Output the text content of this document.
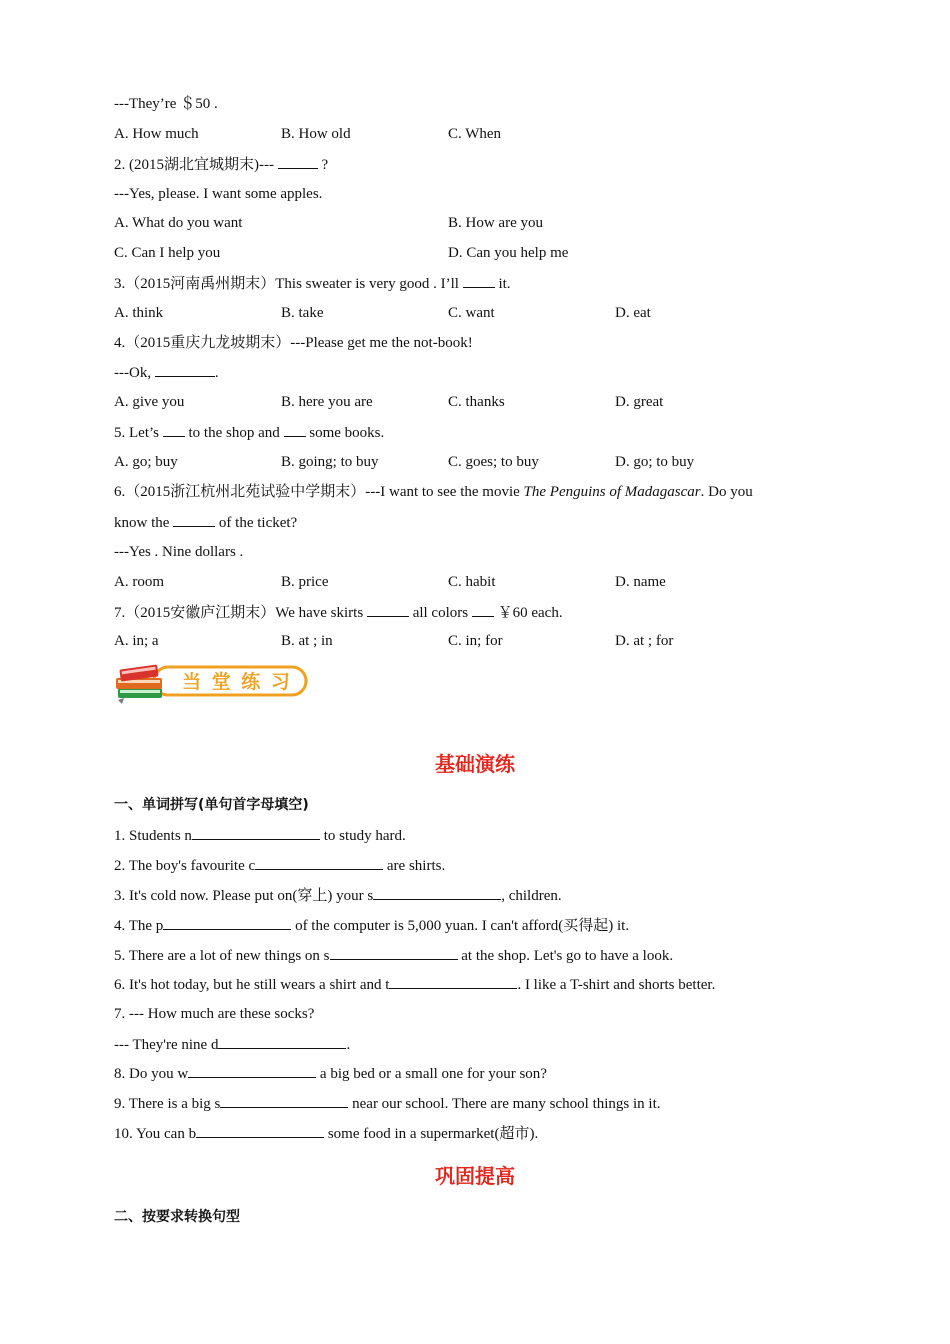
---They’re ＄50 .
A. How much	B. How old	C. When
2. (2015湖北宜城期末)---	?
---Yes, please. I want some apples.
A. What do you want	B. How are you
C. Can I help you	D. Can you help me
3.（2015河南禹州期末）This sweater is very good . I’ll	it.
A. think	B. take	C. want	D. eat
4.（2015重庆九龙坡期末）---Please get me the not-book!
---Ok,	.
A. give you	B. here you are	C. thanks	D. great
5. Let’s to the shop and some books.
A. go; buy	B. going; to buy	C. goes; to buy	D. go; to buy
6.（2015浙江杭州北苑试验中学期末）---I want to see the movie The Penguins of Madagascar. Do you
know the	of the ticket?
---Yes . Nine dollars .
A. room	B. price	C. habit	D. name
7.（2015安徽庐江期末）We have skirts	all colors ￥60 each.
A. in; a	B. at ; in	C. in; for	D. at ; for
当 堂 练 习
基础演练
一、单词拼写(单句首字母填空)
1. Students n	to study hard.
2. The boy's favourite c	are shirts.
3. It's cold now. Please put on(穿上) your s	, children.
4. The p	of the computer is 5,000 yuan. I can't afford(买得起) it.
5. There are a lot of new things on s	at the shop. Let's go to have a look.
6. It's hot today, but he still wears a shirt and t	. I like a T-shirt and shorts better.
7. --- How much are these socks?
--- They're nine d	.
8. Do you w	a big bed or a small one for your son?
9. There is a big s	near our school. There are many school things in it.
10. You can b	some food in a supermarket(超市).
巩固提高
二、按要求转换句型
